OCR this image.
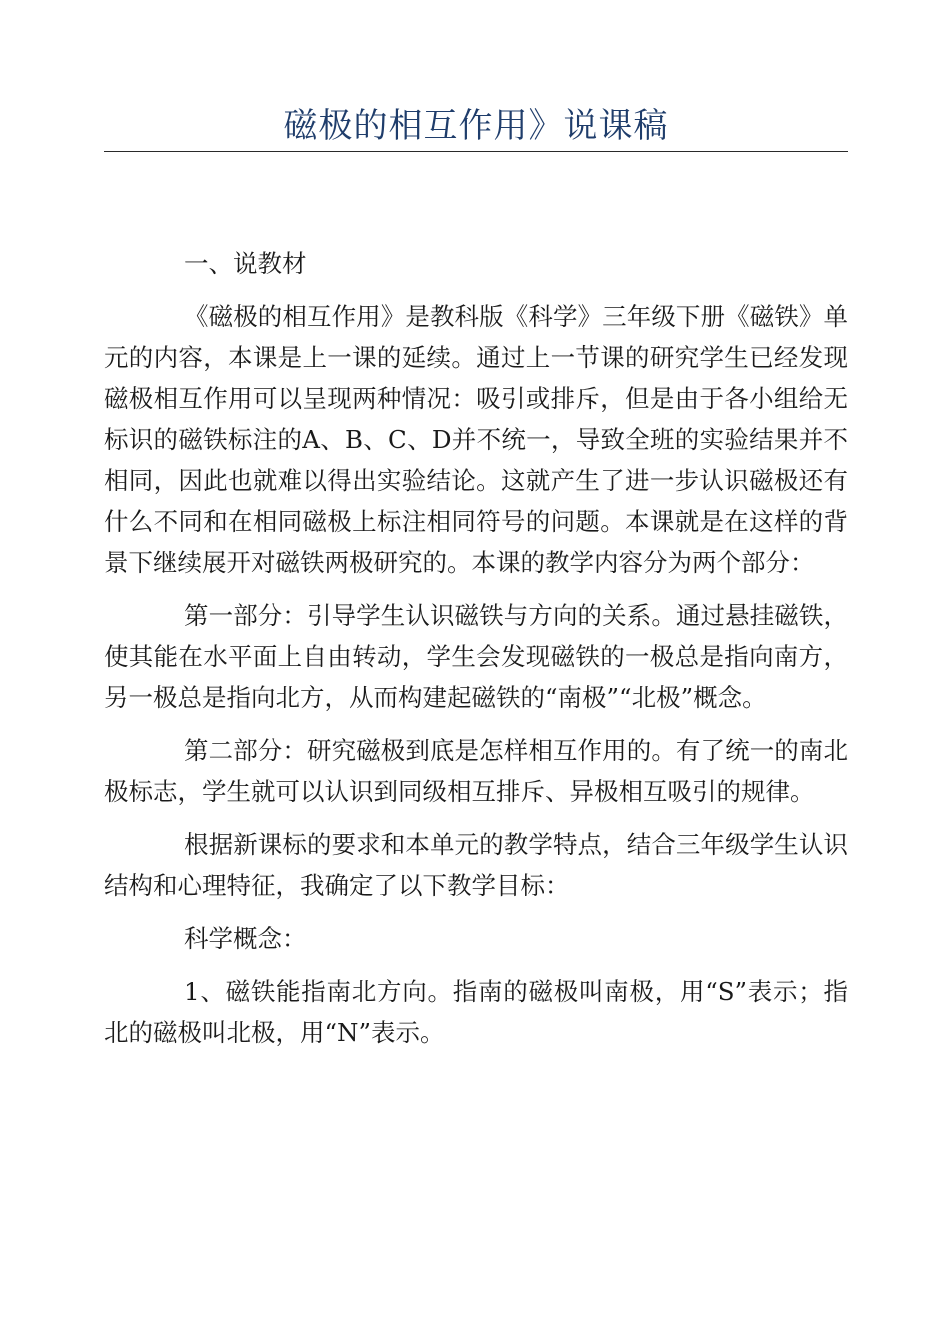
磁极的相互作用》说课稿

一、说教材

《磁极的相互作用》是教科版《科学》三年级下册《磁铁》单元的内容，本课是上一课的延续。通过上一节课的研究学生已经发现磁极相互作用可以呈现两种情况：吸引或排斥，但是由于各小组给无标识的磁铁标注的A、B、C、D并不统一，导致全班的实验结果并不相同，因此也就难以得出实验结论。这就产生了进一步认识磁极还有什么不同和在相同磁极上标注相同符号的问题。本课就是在这样的背景下继续展开对磁铁两极研究的。本课的教学内容分为两个部分：

第一部分：引导学生认识磁铁与方向的关系。通过悬挂磁铁，使其能在水平面上自由转动，学生会发现磁铁的一极总是指向南方，另一极总是指向北方，从而构建起磁铁的“南极”“北极”概念。

第二部分：研究磁极到底是怎样相互作用的。有了统一的南北极标志，学生就可以认识到同级相互排斥、异极相互吸引的规律。

根据新课标的要求和本单元的教学特点，结合三年级学生认识结构和心理特征，我确定了以下教学目标：

科学概念：

1、磁铁能指南北方向。指南的磁极叫南极，用“S”表示；指北的磁极叫北极，用“N”表示。
